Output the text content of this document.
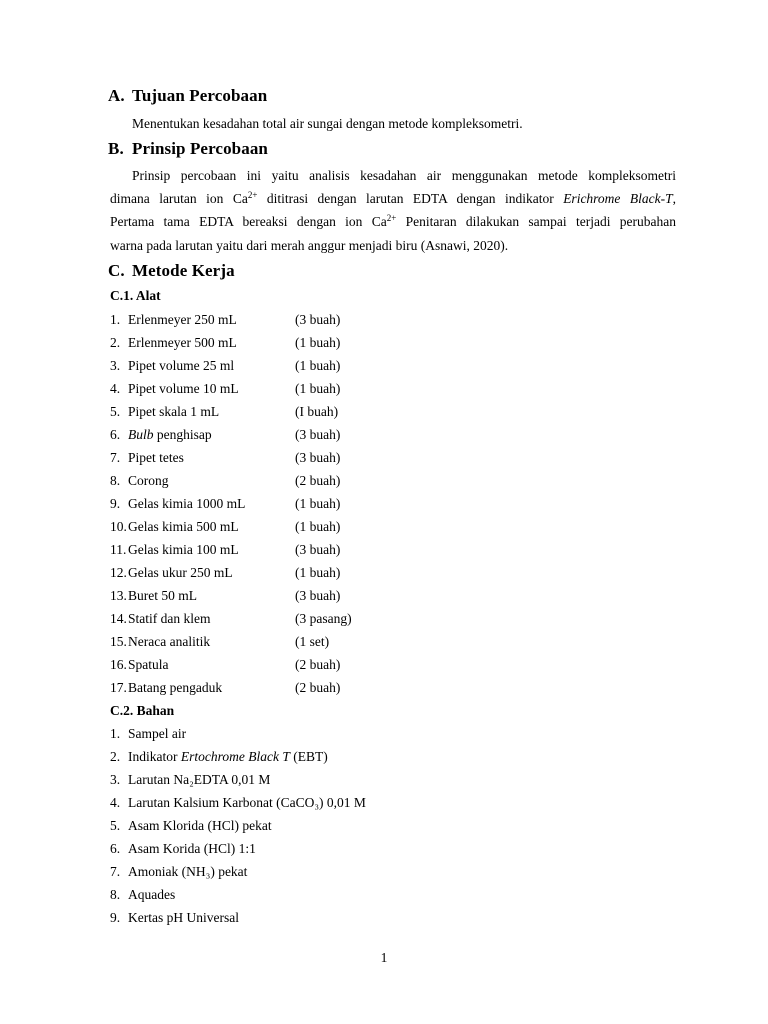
A. Tujuan Percobaan
Menentukan kesadahan total air sungai dengan metode kompleksometri.
B. Prinsip Percobaan
Prinsip percobaan ini yaitu analisis kesadahan air menggunakan metode kompleksometri
dimana larutan ion $Ca^{2+}$ dititrasi dengan larutan EDTA dengan indikator Erichrome Black-T,
Pertama tama EDTA bereaksi dengan ion $Ca^{2+}$ Penitaran dilakukan sampai terjadi perubahan
warna pada larutan yaitu dari merah anggur menjadi biru (Asnawi, 2020).
C. Metode Kerja
C.1. Alat
1. Erlenmeyer 250 mL	(3 buah)
2. Erlenmeyer 500 mL	(1 buah)
3. Pipet volume 25 ml	(1 buah)
4. Pipet volume 10 mL	(1 buah)
5. Pipet skala 1 mL	(I buah)
6. Bulb penghisap	(3 buah)
7. Pipet tetes	(3 buah)
8. Corong	(2 buah)
9. Gelas kimia 1000 mL	(1 buah)
10. Gelas kimia 500 mL	(1 buah)
11. Gelas kimia 100 mL	(3 buah)
12. Gelas ukur 250 mL	(1 buah)
13. Buret 50 mL	(3 buah)
14. Statif dan klem	(3 pasang)
15. Neraca analitik	(1 set)
16. Spatula	(2 buah)
17. Batang pengaduk	(2 buah)
C.2. Bahan
1. Sampel air
2. Indikator Ertochrome Black T (EBT)
3. Larutan Na₂EDTA 0,01 M
4. Larutan Kalsium Karbonat (CaCO₃) 0,01 M
5. Asam Klorida (HCl) pekat
6. Asam Korida (HCl) 1:1
7. Amoniak (NH₃) pekat
8. Aquades
9. Kertas pH Universal
1
